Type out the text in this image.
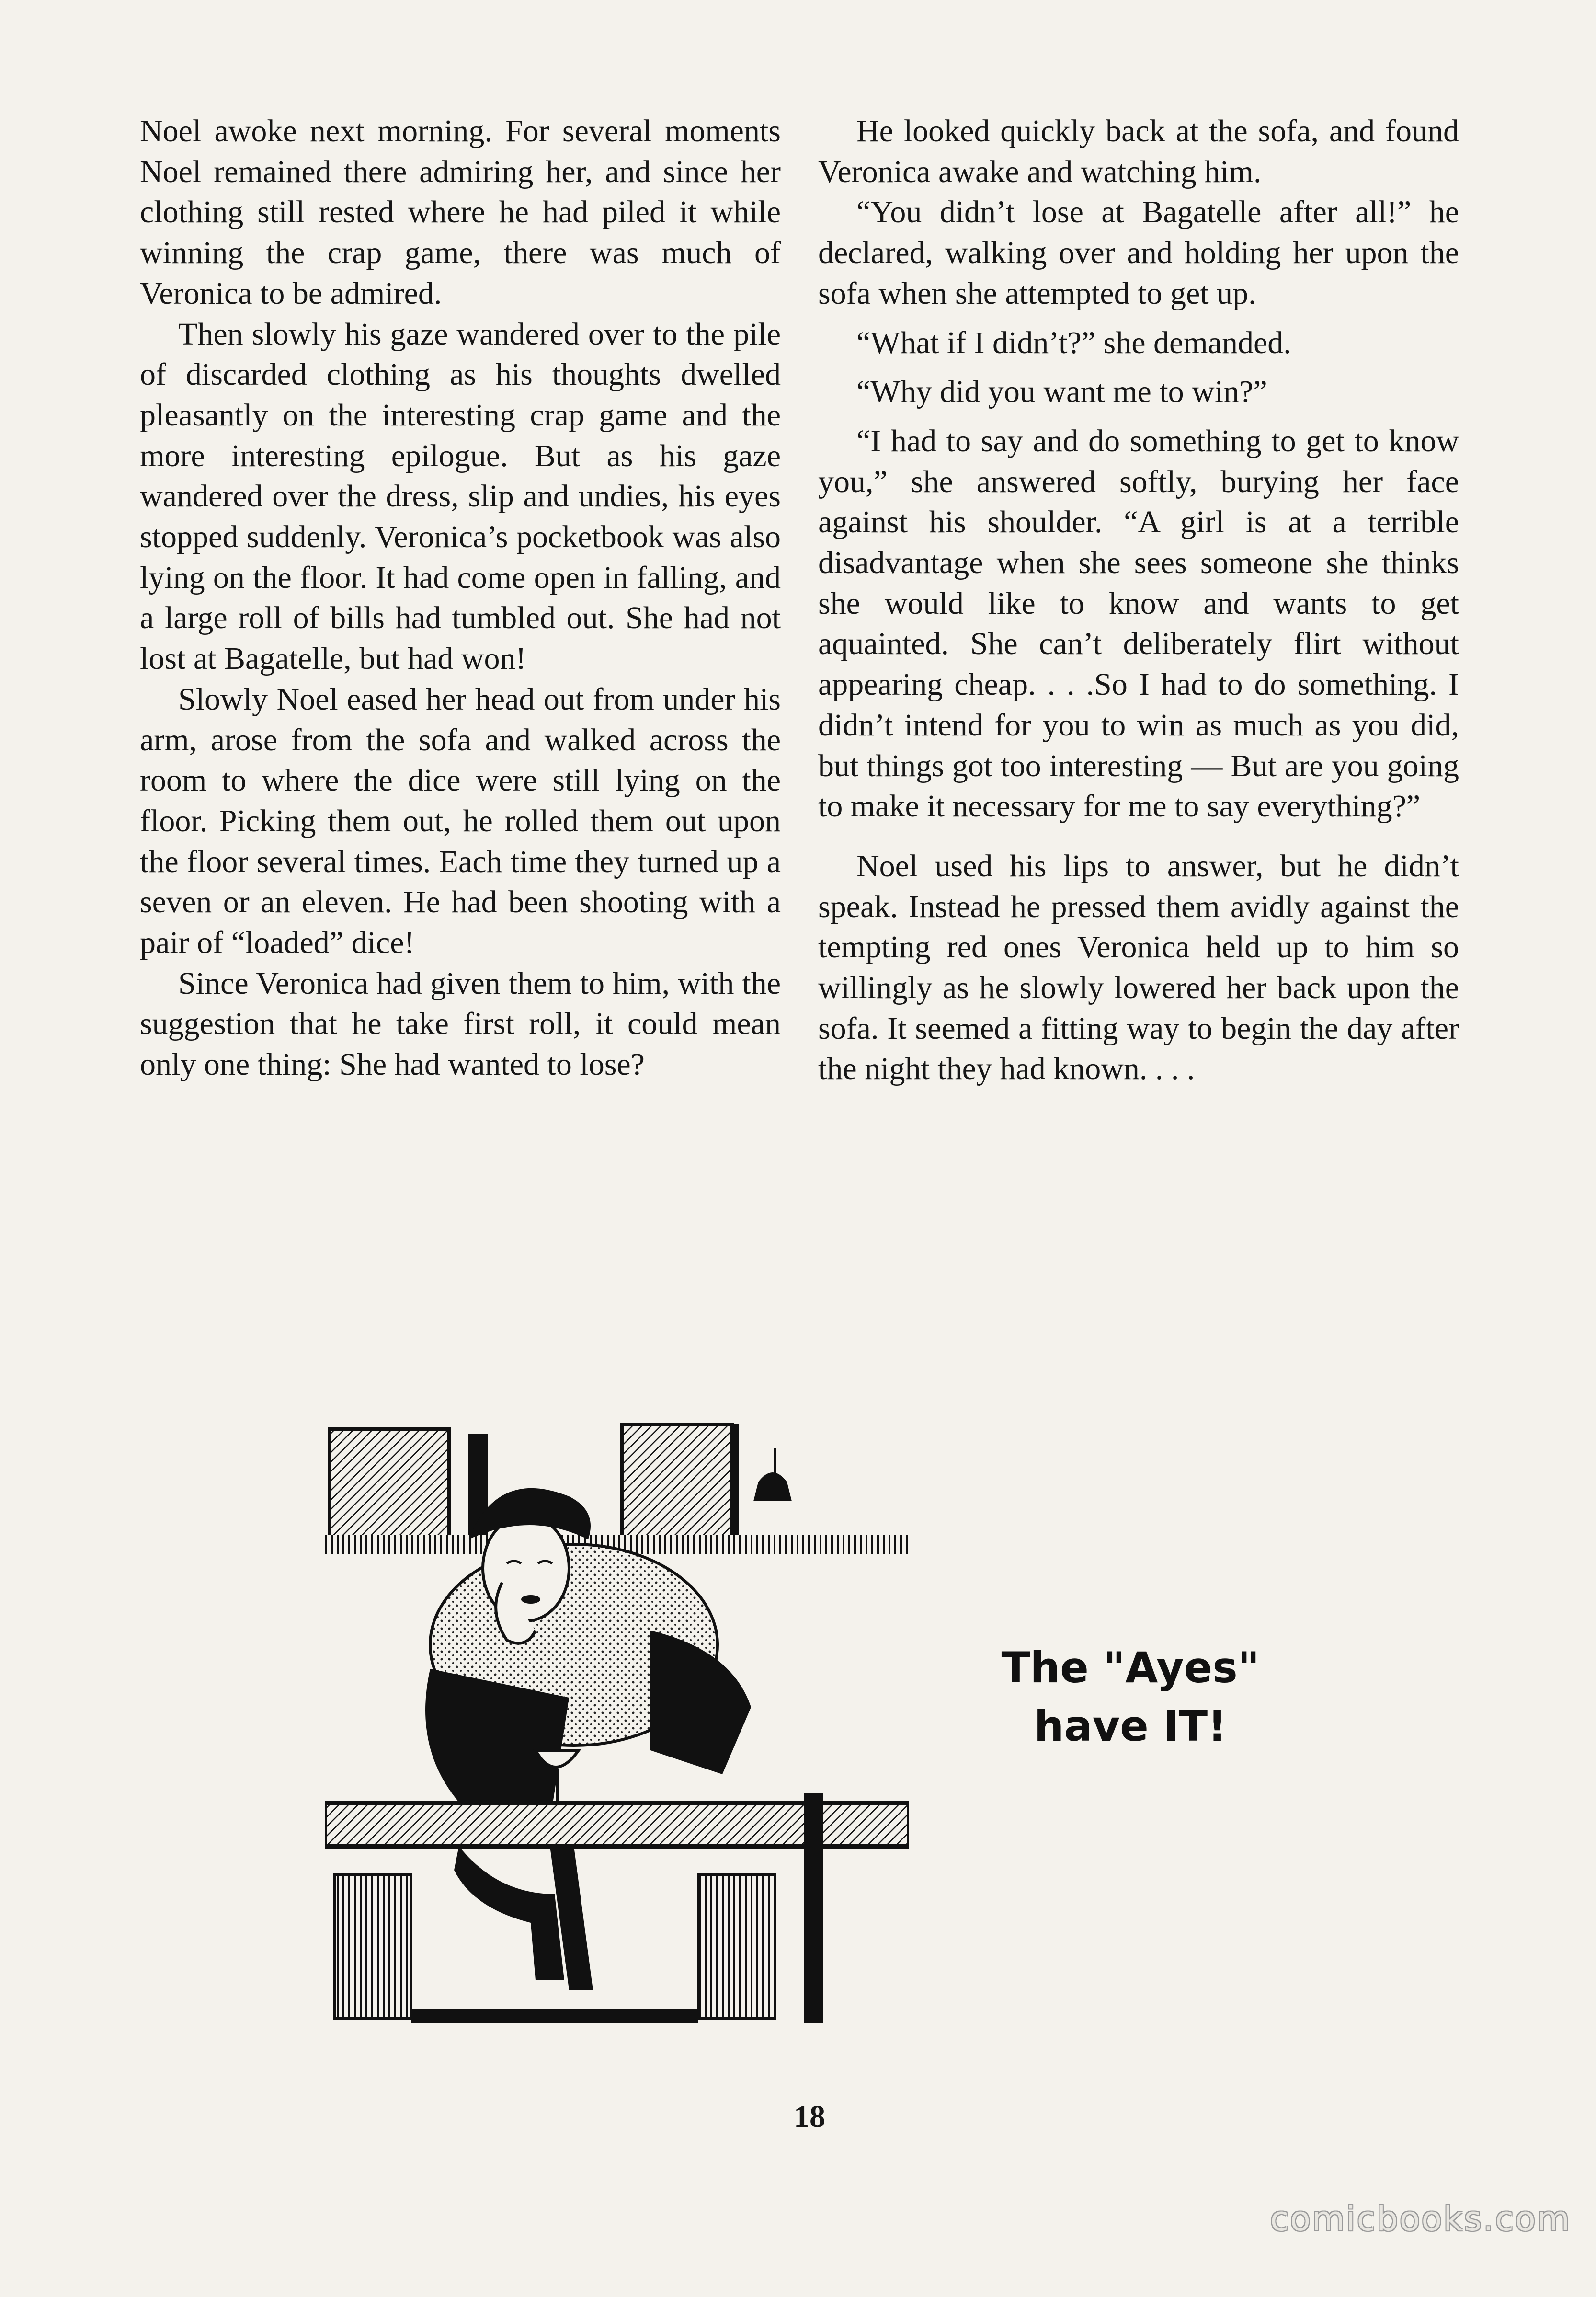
Noel awoke next morning. For several moments Noel remained there admiring her, and since her clothing still rested where he had piled it while winning the crap game, there was much of Veronica to be admired.

Then slowly his gaze wandered over to the pile of discarded clothing as his thoughts dwelled pleasantly on the interesting crap game and the more interesting epilogue. But as his gaze wandered over the dress, slip and undies, his eyes stopped suddenly. Veronica’s pocketbook was also lying on the floor. It had come open in falling, and a large roll of bills had tumbled out. She had not lost at Bagatelle, but had won!

Slowly Noel eased her head out from under his arm, arose from the sofa and walked across the room to where the dice were still lying on the floor. Picking them out, he rolled them out upon the floor several times. Each time they turned up a seven or an eleven. He had been shooting with a pair of “loaded” dice!

Since Veronica had given them to him, with the suggestion that he take first roll, it could mean only one thing: She had wanted to lose?

He looked quickly back at the sofa, and found Veronica awake and watching him.

“You didn’t lose at Bagatelle after all!” he declared, walking over and holding her upon the sofa when she attempted to get up.

“What if I didn’t?” she demanded.

“Why did you want me to win?”

“I had to say and do something to get to know you,” she answered softly, burying her face against his shoulder. “A girl is at a terrible disadvantage when she sees someone she thinks she would like to know and wants to get aquainted. She can’t deliberately flirt without appearing cheap. . . .So I had to do something. I didn’t intend for you to win as much as you did, but things got too interesting — But are you going to make it necessary for me to say everything?”

Noel used his lips to answer, but he didn’t speak. Instead he pressed them avidly against the tempting red ones Veronica held up to him so willingly as he slowly lowered her back upon the sofa. It seemed a fitting way to begin the day after the night they had known. . . .

The "Ayes"
have IT!
18
comicbooks.com
